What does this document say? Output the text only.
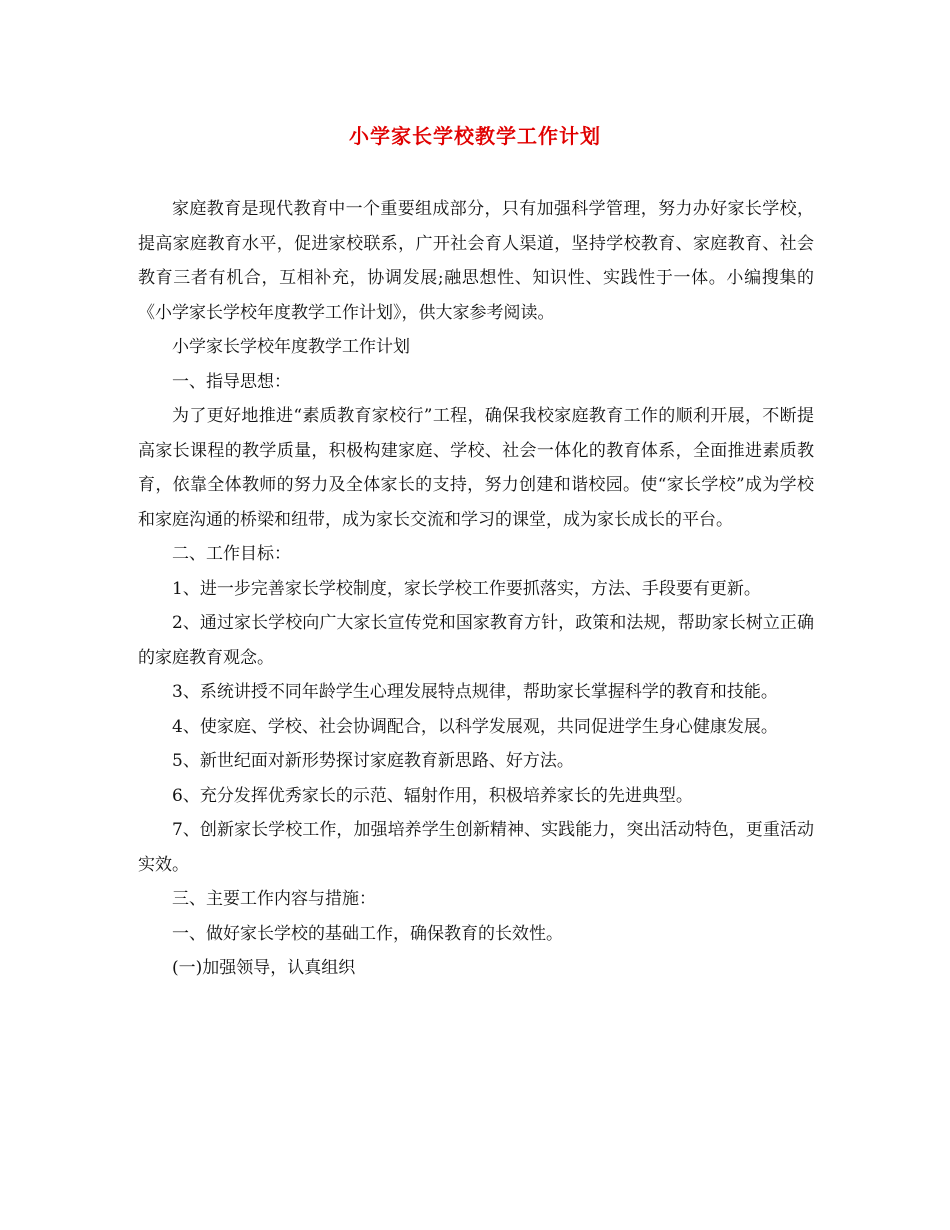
小学家长学校教学工作计划

家庭教育是现代教育中一个重要组成部分，只有加强科学管理，努力办好家长学校，提高家庭教育水平，促进家校联系，广开社会育人渠道，坚持学校教育、家庭教育、社会教育三者有机合，互相补充，协调发展;融思想性、知识性、实践性于一体。小编搜集的《小学家长学校年度教学工作计划》，供大家参考阅读。

小学家长学校年度教学工作计划

一、指导思想：

为了更好地推进“素质教育家校行”工程，确保我校家庭教育工作的顺利开展，不断提高家长课程的教学质量，积极构建家庭、学校、社会一体化的教育体系，全面推进素质教育，依靠全体教师的努力及全体家长的支持，努力创建和谐校园。使“家长学校”成为学校和家庭沟通的桥梁和纽带，成为家长交流和学习的课堂，成为家长成长的平台。

二、工作目标：

1、进一步完善家长学校制度，家长学校工作要抓落实，方法、手段要有更新。

2、通过家长学校向广大家长宣传党和国家教育方针，政策和法规，帮助家长树立正确的家庭教育观念。

3、系统讲授不同年龄学生心理发展特点规律，帮助家长掌握科学的教育和技能。

4、使家庭、学校、社会协调配合，以科学发展观，共同促进学生身心健康发展。

5、新世纪面对新形势探讨家庭教育新思路、好方法。

6、充分发挥优秀家长的示范、辐射作用，积极培养家长的先进典型。

7、创新家长学校工作，加强培养学生创新精神、实践能力，突出活动特色，更重活动实效。

三、主要工作内容与措施：

一、做好家长学校的基础工作，确保教育的长效性。

(一)加强领导，认真组织
